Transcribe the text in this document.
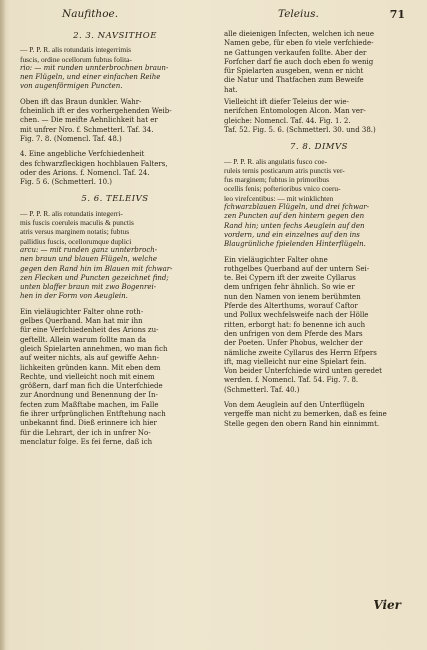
Naufithoe.	Teleius.	71
2. 3. NAVSITHOE
— P. P. R. alis rotundatis integerrimis
fuscis, ordine ocellorum fubtus folita-
rio: — mit runden unnterbrochnen braun-
nen Flügeln, und einer einfachen Reihe
von augenförmigen Puncten.
Oben ift das Braun dunkler. Wahr-
fcheinlich ift er des vorhergehenden Weib-
chen. — Die meifte Aehnlichkeit hat er
mit unfrer Nro. f. Schmetterl. Taf. 34.
Fig. 7. 8. (Nomencl. Taf. 48.)
4. Eine angebliche Verfchiedenheit
des fchwarzfleckigen hochblauen Falters,
oder des Arions. f. Nomencl. Taf. 24.
Fig. 5 6. (Schmetterl. 10.)
5. 6. TELEIVS
— P. P. R. alis rotundatis integerri-
mis fuscis coeruleis maculis & punctis
atris versus marginem notatis; fubtus
pallidius fuscis, ocellorumque duplici
arcu: — mit runden ganz unnterbroch-
nen braun und blauen Flügeln, welche
gegen den Rand hin im Blauen mit fchwar-
zen Flecken und Puncten gezeichnet find;
unten blaffer braun mit zwo Bogenrei-
hen in der Form von Aeuglein.
Ein vieläugichter Falter ohne roth-
gelbes Querband. Man hat mir ihn
für eine Verfchiedenheit des Arions zu-
geftellt. Allein warum follte man da
gleich Spielarten annehmen, wo man fich
auf weiter nichts, als auf gewiffe Aehn-
lichkeiten gründen kann. Mit eben dem
Rechte, und vielleicht noch mit einem
größern, darf man fich die Unterfchiede
zur Anordnung und Benennung der In-
fecten zum Maßftabe machen, im Falle
fie ihrer urfprünglichen Entftehung nach
unbekannt find. Dieß erinnere ich hier
für die Lehrart, der ich in unfrer No-
menclatur folge. Es fei ferne, daß ich
alle dieienigen Infecten, welchen ich neue
Namen gebe, für eben fo viele verfchiede-
ne Gattungen verkaufen follte. Aber der
Forfcher darf fie auch doch eben fo wenig
für Spielarten ausgeben, wenn er nicht
die Natur und Thatfachen zum Beweife
hat.
Vielleicht ift diefer Teleius der wie-
nerifchen Entomologen Alcon. Man ver-
gleiche: Nomencl. Taf. 44. Fig. 1. 2.
Taf. 52. Fig. 5. 6. (Schmetterl. 30. und 38.)
7. 8. DIMVS
— P. P. R. alis angulatis fusco coe-
ruleis ternis posticarum atris punctis ver-
fus marginem; fubtus in primoribus
ocellis fenis; pofterioribus vnico coeru-
leo virefcentibus: — mit winklichten
fchwarzblauen Flügeln, und drei fchwar-
zen Puncten auf den hintern gegen den
Rand hin; unten fechs Aeuglein auf den
vordern, und ein einzelnes auf den ins
Blaugrünliche fpielenden Hinterflügeln.
Ein vieläugichter Falter ohne
rothgelbes Querband auf der untern Sei-
te. Bei Cypern ift der zweite Cyllarus
dem unfrigen fehr ähnlich. So wie er
nun den Namen von ienem berühmten
Pferde des Alterthums, worauf Caftor
und Pollux wechfelsweife nach der Hölle
ritten, erborgt hat: fo benenne ich auch
den unfrigen von dem Pferde des Mars
der Poeten. Unfer Phobus, welcher der
nämliche zweite Cyllarus des Herrn Efpers
ift, mag vielleicht nur eine Spielart fein.
Von beider Unterfchiede wird unten geredet
werden. f. Nomencl. Taf. 54. Fig. 7. 8.
(Schmetterl. Taf. 40.)
Von dem Aeuglein auf den Unterflügeln
vergeffe man nicht zu bemerken, daß es feine
Stelle gegen den obern Rand hin einnimmt.
Vier
